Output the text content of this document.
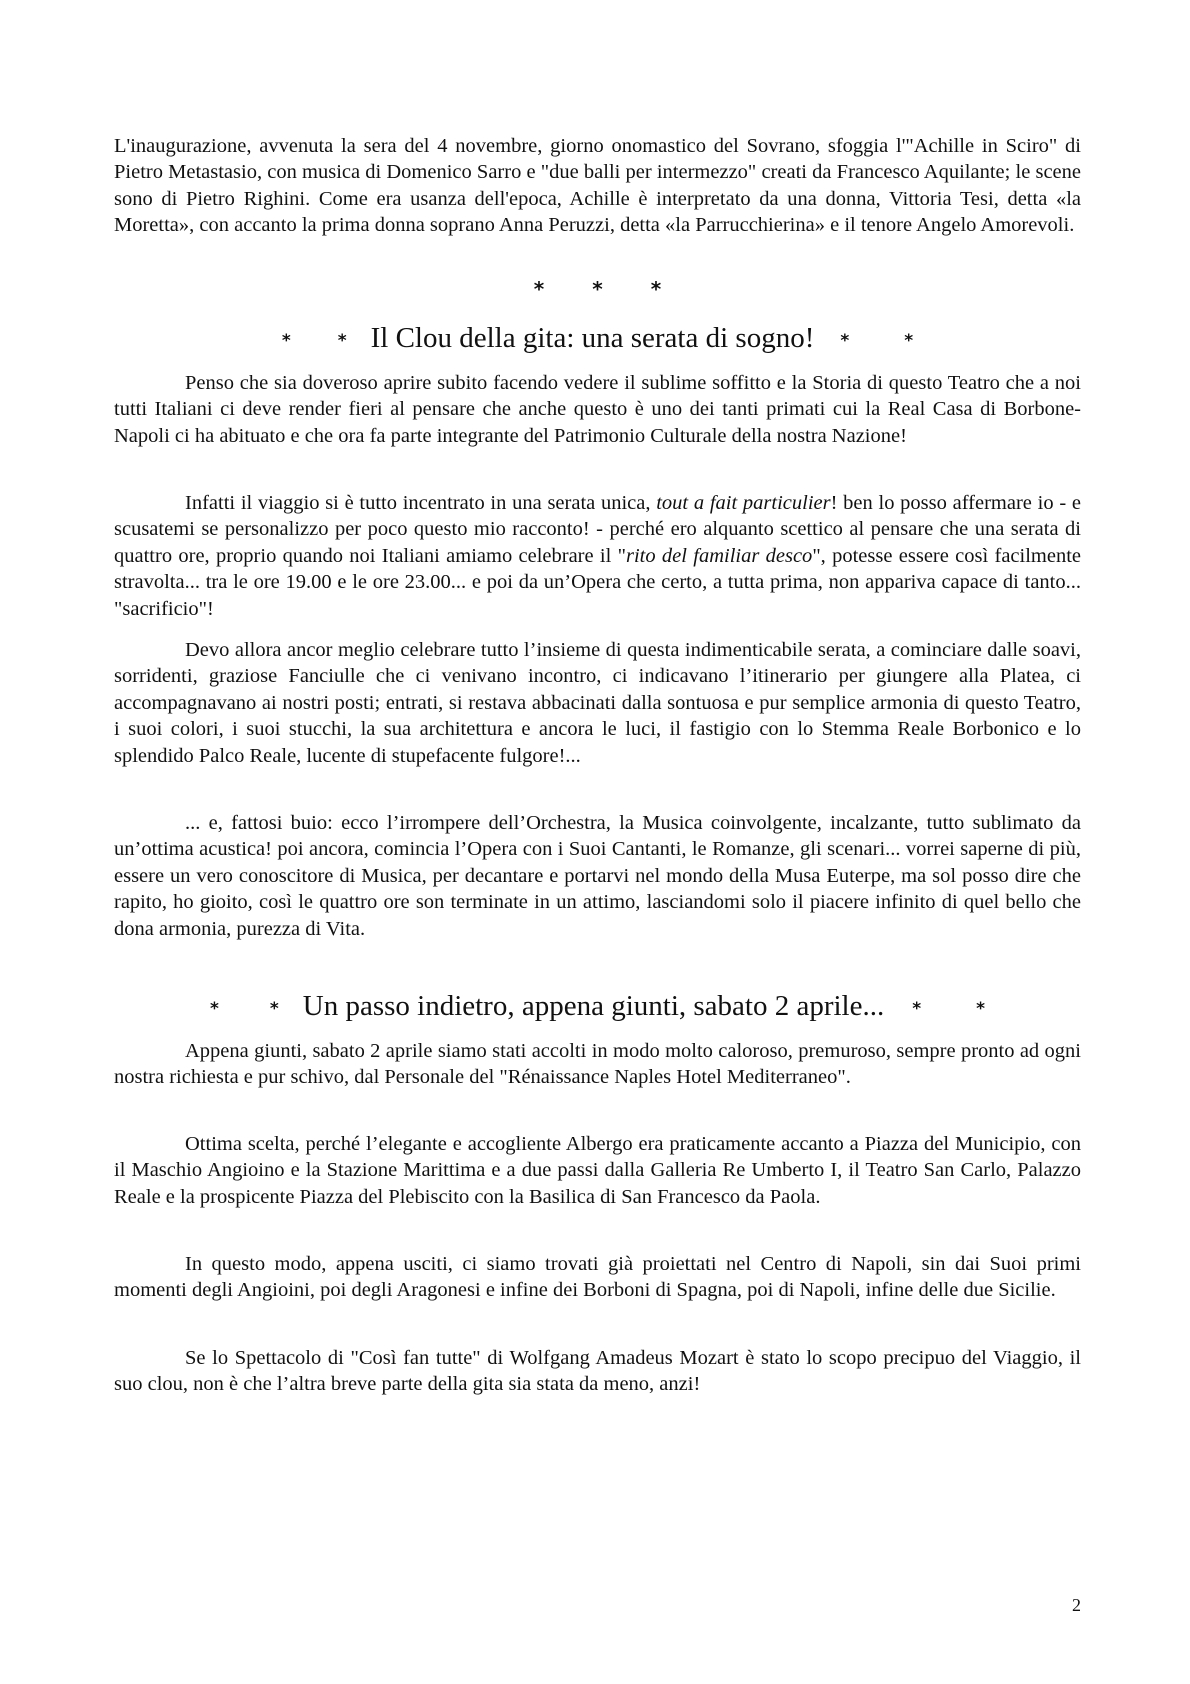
L'inaugurazione, avvenuta la sera del 4 novembre, giorno onomastico del Sovrano, sfoggia l'"Achille in Sciro" di Pietro Metastasio, con musica di Domenico Sarro e "due balli per intermezzo" creati da Francesco Aquilante; le scene sono di Pietro Righini. Come era usanza dell'epoca, Achille è interpretato da una donna, Vittoria Tesi, detta «la Moretta», con accanto la prima donna soprano Anna Peruzzi, detta «la Parrucchierina» e il tenore Angelo Amorevoli.

* * *
*	* Il Clou della gita: una serata di sogno! *	*

Penso che sia doveroso aprire subito facendo vedere il sublime soffitto e la Storia di questo Teatro che a noi tutti Italiani ci deve render fieri al pensare che anche questo è uno dei tanti primati cui la Real Casa di Borbone-Napoli ci ha abituato e che ora fa parte integrante del Patrimonio Culturale della nostra Nazione!

Infatti il viaggio si è tutto incentrato in una serata unica, tout a fait particulier! ben lo posso affermare io - e scusatemi se personalizzo per poco questo mio racconto! - perché ero alquanto scettico al pensare che una serata di quattro ore, proprio quando noi Italiani amiamo celebrare il "rito del familiar desco", potesse essere così facilmente stravolta... tra le ore 19.00 e le ore 23.00... e poi da un’Opera che certo, a tutta prima, non appariva capace di tanto... "sacrificio"!

Devo allora ancor meglio celebrare tutto l’insieme di questa indimenticabile serata, a cominciare dalle soavi, sorridenti, graziose Fanciulle che ci venivano incontro, ci indicavano l’itinerario per giungere alla Platea, ci accompagnavano ai nostri posti; entrati, si restava abbacinati dalla sontuosa e pur semplice armonia di questo Teatro, i suoi colori, i suoi stucchi, la sua architettura e ancora le luci, il fastigio con lo Stemma Reale Borbonico e lo splendido Palco Reale, lucente di stupefacente fulgore!...

... e, fattosi buio: ecco l’irrompere dell’Orchestra, la Musica coinvolgente, incalzante, tutto sublimato da un’ottima acustica! poi ancora, comincia l’Opera con i Suoi Cantanti, le Romanze, gli scenari... vorrei saperne di più, essere un vero conoscitore di Musica, per decantare e portarvi nel mondo della Musa Euterpe, ma sol posso dire che rapito, ho gioito, così le quattro ore son terminate in un attimo, lasciandomi solo il piacere infinito di quel bello che dona armonia, purezza di Vita.

*	* Un passo indietro, appena giunti, sabato 2 aprile... *	*

Appena giunti, sabato 2 aprile siamo stati accolti in modo molto caloroso, premuroso, sempre pronto ad ogni nostra richiesta e pur schivo, dal Personale del "Rénaissance Naples Hotel Mediterraneo".

Ottima scelta, perché l’elegante e accogliente Albergo era praticamente accanto a Piazza del Municipio, con il Maschio Angioino e la Stazione Marittima e a due passi dalla Galleria Re Umberto I, il Teatro San Carlo, Palazzo Reale e la prospicente Piazza del Plebiscito con la Basilica di San Francesco da Paola.

In questo modo, appena usciti, ci siamo trovati già proiettati nel Centro di Napoli, sin dai Suoi primi momenti degli Angioini, poi degli Aragonesi e infine dei Borboni di Spagna, poi di Napoli, infine delle due Sicilie.

Se lo Spettacolo di "Così fan tutte" di Wolfgang Amadeus Mozart è stato lo scopo precipuo del Viaggio, il suo clou, non è che l’altra breve parte della gita sia stata da meno, anzi!

2
